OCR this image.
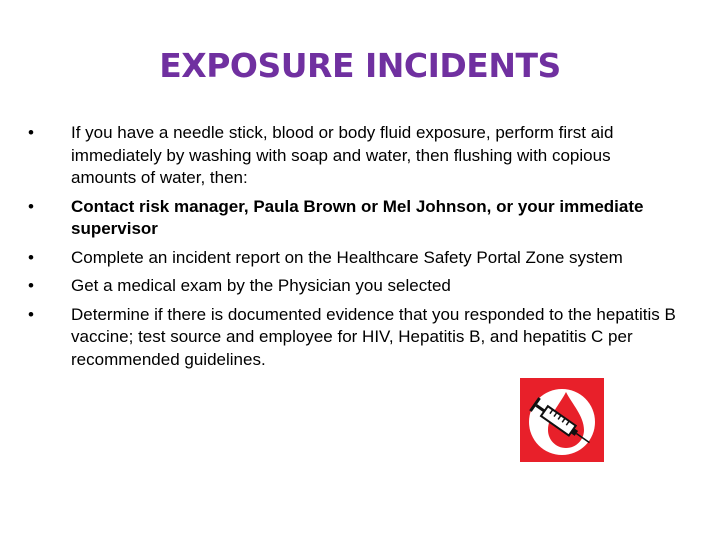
EXPOSURE INCIDENTS
•	If you have a needle stick, blood or body fluid exposure, perform first aid immediately by washing with soap and water, then flushing with copious amounts of water, then:
•	Contact risk manager, Paula Brown or Mel Johnson, or your immediate supervisor
•	Complete an incident report on the Healthcare Safety Portal Zone system
•	Get a medical exam by the Physician you selected
•	Determine if there is documented evidence that you responded to the hepatitis B vaccine; test source and employee for HIV, Hepatitis B, and hepatitis C per recommended guidelines.
